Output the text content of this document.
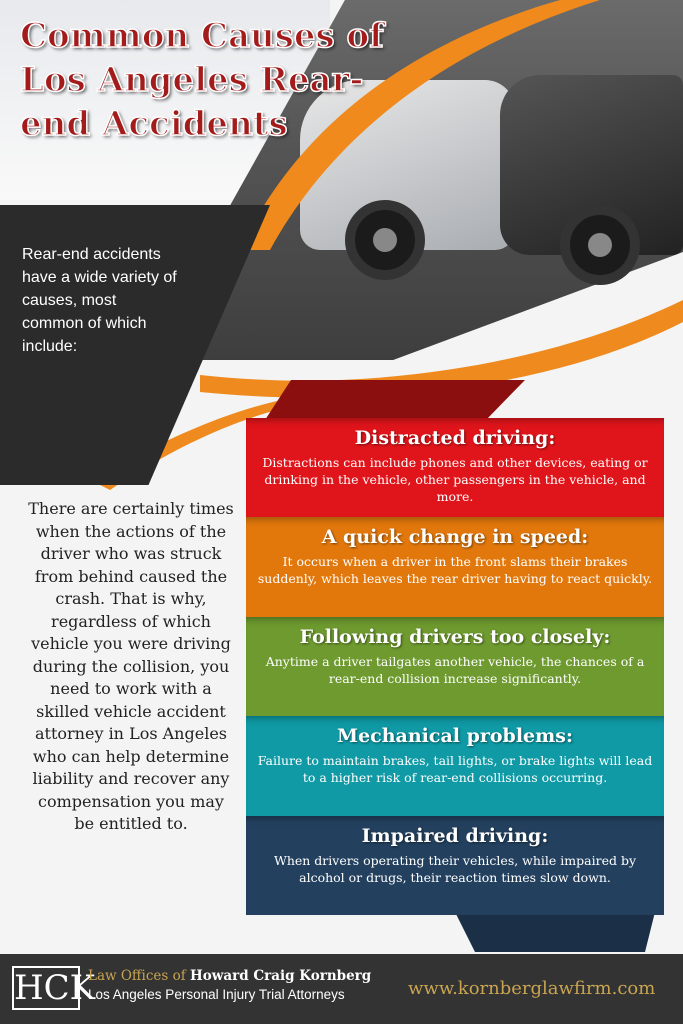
Common Causes of Los Angeles Rear-end Accidents

Rear-end accidents have a wide variety of causes, most common of which include:

There are certainly times when the actions of the driver who was struck from behind caused the crash. That is why, regardless of which vehicle you were driving during the collision, you need to work with a skilled vehicle accident attorney in Los Angeles who can help determine liability and recover any compensation you may be entitled to.

Distracted driving:

Distractions can include phones and other devices, eating or drinking in the vehicle, other passengers in the vehicle, and more.

A quick change in speed:

It occurs when a driver in the front slams their brakes suddenly, which leaves the rear driver having to react quickly.

Following drivers too closely:

Anytime a driver tailgates another vehicle, the chances of a rear-end collision increase significantly.

Mechanical problems:

Failure to maintain brakes, tail lights, or brake lights will lead to a higher risk of rear-end collisions occurring.

Impaired driving:

When drivers operating their vehicles, while impaired by alcohol or drugs, their reaction times slow down.

HCK
Law Offices of Howard Craig Kornberg
Los Angeles Personal Injury Trial Attorneys	www.kornberglawfirm.com
